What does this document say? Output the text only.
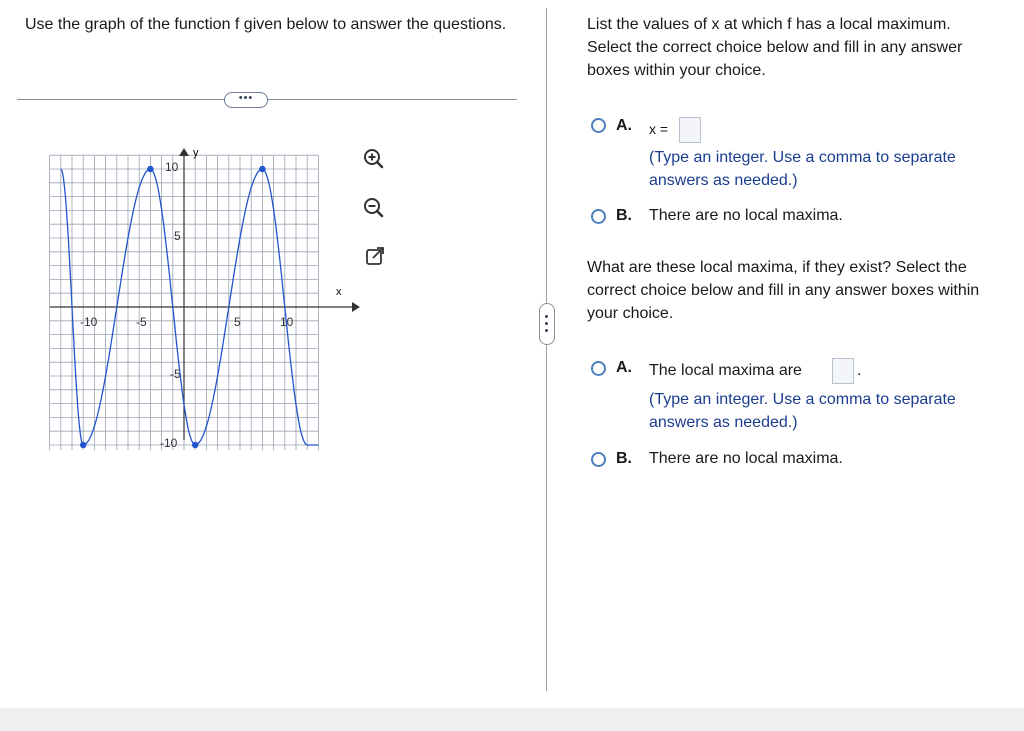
Use the graph of the function f given below to answer the questions.
•••
x
y
-10	-5	5	10
10
5
-5
-10
List the values of x at which f has a local maximum. Select the correct choice below and fill in any answer boxes within your choice.
A. x =
(Type an integer. Use a comma to separate answers as needed.)
B. There are no local maxima.
What are these local maxima, if they exist? Select the correct choice below and fill in any answer boxes within your choice.
A. The local maxima are	.
(Type an integer. Use a comma to separate answers as needed.)
B. There are no local maxima.
